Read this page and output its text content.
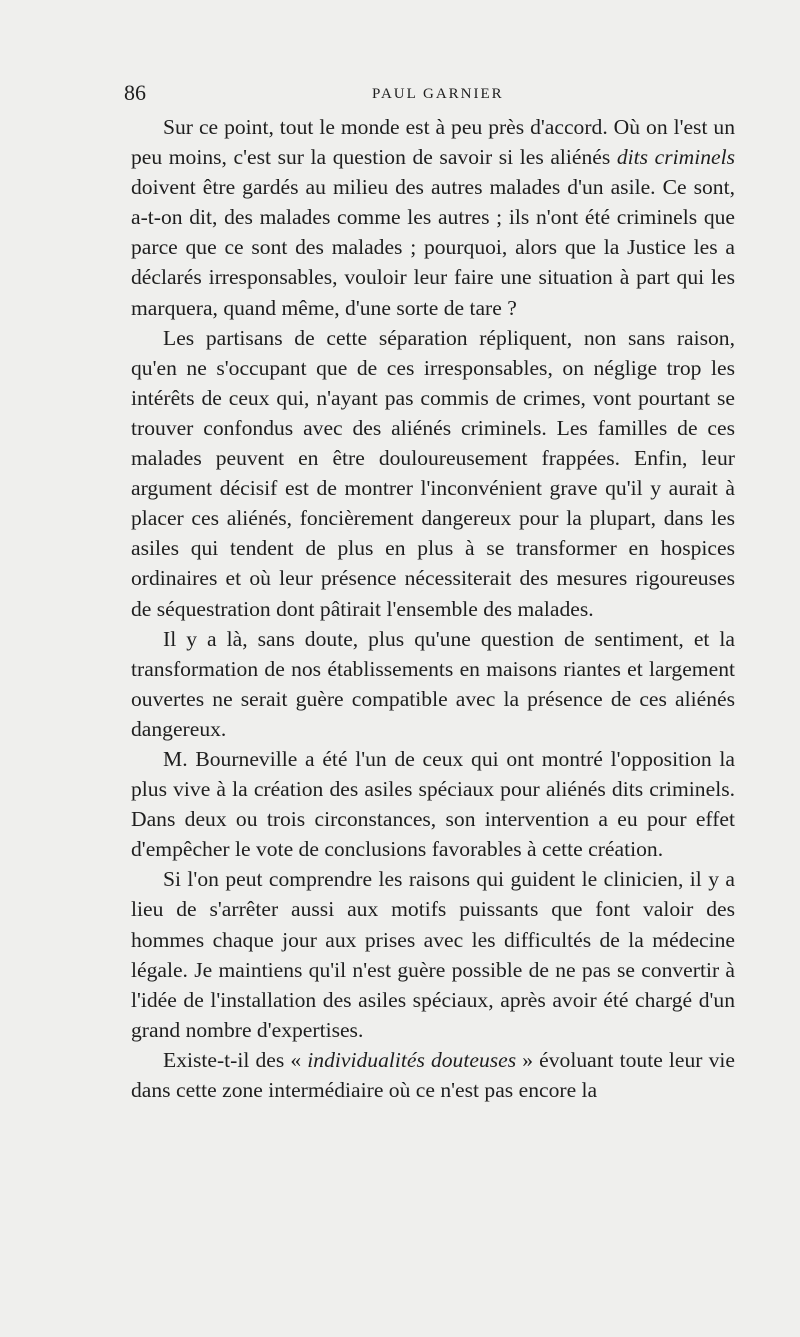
86	PAUL GARNIER

Sur ce point, tout le monde est à peu près d'accord. Où on l'est un peu moins, c'est sur la question de savoir si les aliénés dits criminels doivent être gardés au milieu des autres malades d'un asile. Ce sont, a-t-on dit, des malades comme les autres ; ils n'ont été criminels que parce que ce sont des malades ; pourquoi, alors que la Justice les a déclarés irresponsables, vouloir leur faire une situation à part qui les marquera, quand même, d'une sorte de tare ?

Les partisans de cette séparation répliquent, non sans raison, qu'en ne s'occupant que de ces irresponsables, on néglige trop les intérêts de ceux qui, n'ayant pas commis de crimes, vont pourtant se trouver confondus avec des aliénés criminels. Les familles de ces malades peuvent en être douloureusement frappées. Enfin, leur argument décisif est de montrer l'inconvénient grave qu'il y aurait à placer ces aliénés, foncièrement dangereux pour la plupart, dans les asiles qui tendent de plus en plus à se transformer en hospices ordinaires et où leur présence nécessiterait des mesures rigoureuses de séquestration dont pâtirait l'ensemble des malades.

Il y a là, sans doute, plus qu'une question de sentiment, et la transformation de nos établissements en maisons riantes et largement ouvertes ne serait guère compatible avec la présence de ces aliénés dangereux.

M. Bourneville a été l'un de ceux qui ont montré l'opposition la plus vive à la création des asiles spéciaux pour aliénés dits criminels. Dans deux ou trois circonstances, son intervention a eu pour effet d'empêcher le vote de conclusions favorables à cette création.

Si l'on peut comprendre les raisons qui guident le clinicien, il y a lieu de s'arrêter aussi aux motifs puissants que font valoir des hommes chaque jour aux prises avec les difficultés de la médecine légale. Je maintiens qu'il n'est guère possible de ne pas se convertir à l'idée de l'installation des asiles spéciaux, après avoir été chargé d'un grand nombre d'expertises.

Existe-t-il des « individualités douteuses » évoluant toute leur vie dans cette zone intermédiaire où ce n'est pas encore la
